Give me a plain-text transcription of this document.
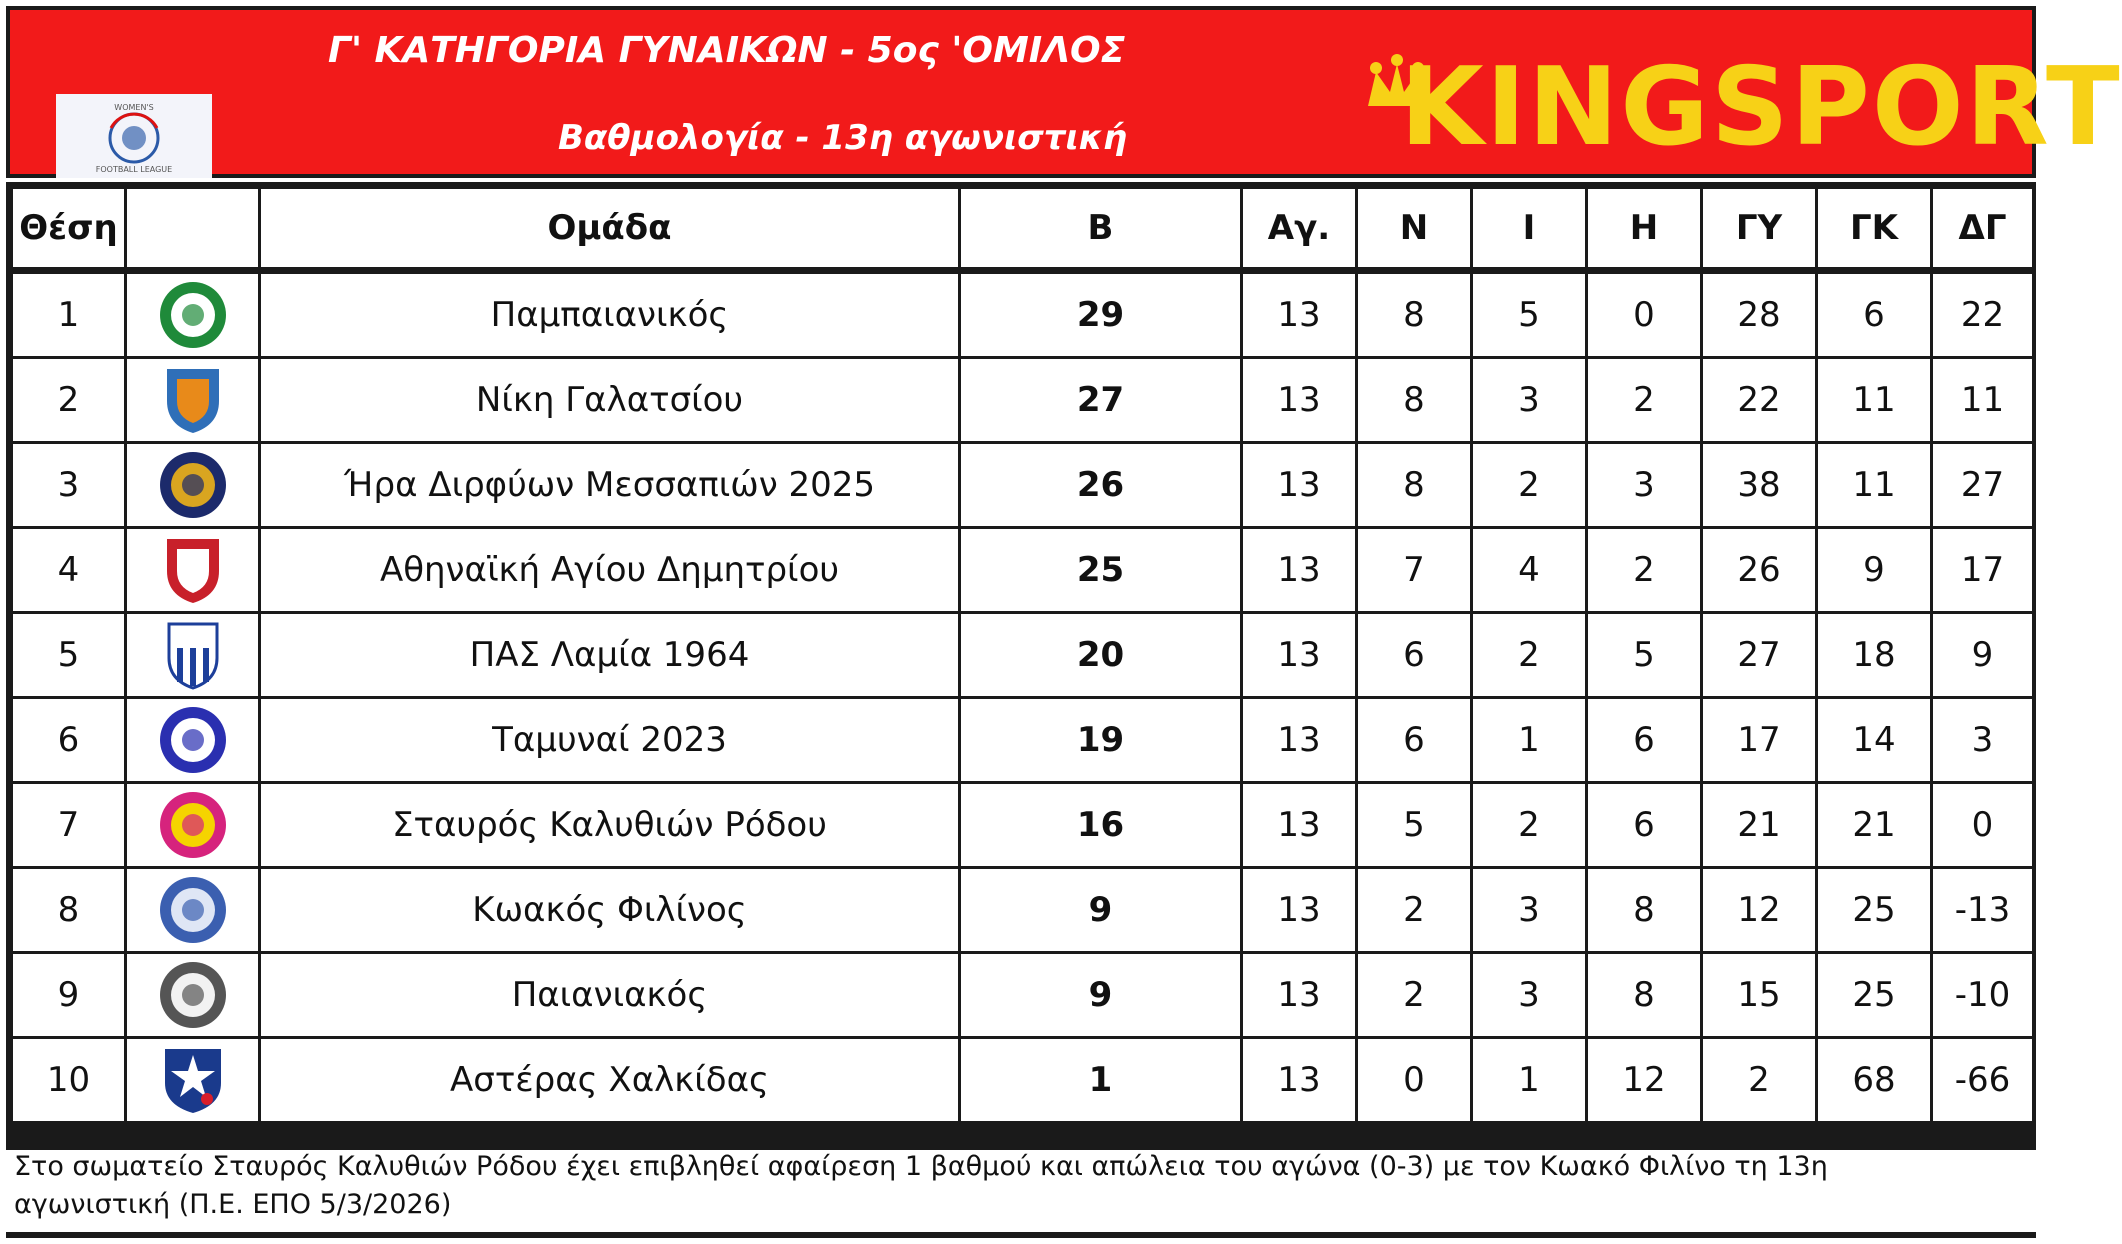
Γ' ΚΑΤΗΓΟΡΙΑ ΓΥΝΑΙΚΩΝ - 5ος 'ΟΜΙΛΟΣ
Βαθμολογία - 13η αγωνιστική
WOMEN'S
FOOTBALL LEAGUE	KINGSPORT
Θέση		Ομάδα	Β	Αγ.	Ν	Ι	Η	ΓΥ	ΓΚ	ΔΓ
1		Παμπαιανικός	29	13	8	5	0	28	6	22
2		Νίκη Γαλατσίου	27	13	8	3	2	22	11	11
3		Ήρα Διρφύων Μεσσαπιών 2025	26	13	8	2	3	38	11	27
4		Αθηναϊκή Αγίου Δημητρίου	25	13	7	4	2	26	9	17
5		ΠΑΣ Λαμία 1964	20	13	6	2	5	27	18	9
6		Ταμυναί 2023	19	13	6	1	6	17	14	3
7		Σταυρός Καλυθιών Ρόδου	16	13	5	2	6	21	21	0
8		Κωακός Φιλίνος	9	13	2	3	8	12	25	-13
9		Παιανιακός	9	13	2	3	8	15	25	-10
10		Αστέρας Χαλκίδας	1	13	0	1	12	2	68	-66
Στο σωματείο Σταυρός Καλυθιών Ρόδου έχει επιβληθεί αφαίρεση 1 βαθμού και απώλεια του αγώνα (0-3) με τον Κωακό Φιλίνο τη 13η αγωνιστική (Π.Ε. ΕΠΟ 5/3/2026)
